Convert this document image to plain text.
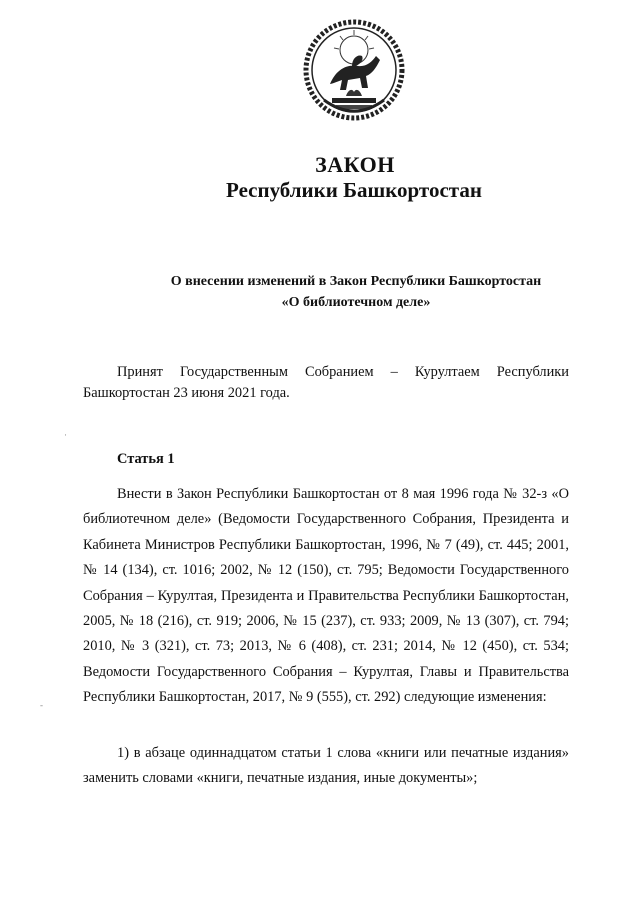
ЗАКОН
Республики Башкортостан
О внесении изменений в Закон Республики Башкортостан
«О библиотечном деле»
Принят Государственным Собранием – Курултаем Республики Башкортостан 23 июня 2021 года.
Статья 1

Внести в Закон Республики Башкортостан от 8 мая 1996 года № 32-з «О библиотечном деле» (Ведомости Государственного Собрания, Президента и Кабинета Министров Республики Башкортостан, 1996, № 7 (49), ст. 445; 2001, № 14 (134), ст. 1016; 2002, № 12 (150), ст. 795; Ведомости Государственного Собрания – Курултая, Президента и Правительства Республики Башкортостан, 2005, № 18 (216), ст. 919; 2006, № 15 (237), ст. 933; 2009, № 13 (307), ст. 794; 2010, № 3 (321), ст. 73; 2013, № 6 (408), ст. 231; 2014, № 12 (450), ст. 534; Ведомости Государственного Собрания – Курултая, Главы и Правительства Республики Башкортостан, 2017, № 9 (555), ст. 292) следующие изменения:

1) в абзаце одиннадцатом статьи 1 слова «книги или печатные издания» заменить словами «книги, печатные издания, иные документы»;

·
-
